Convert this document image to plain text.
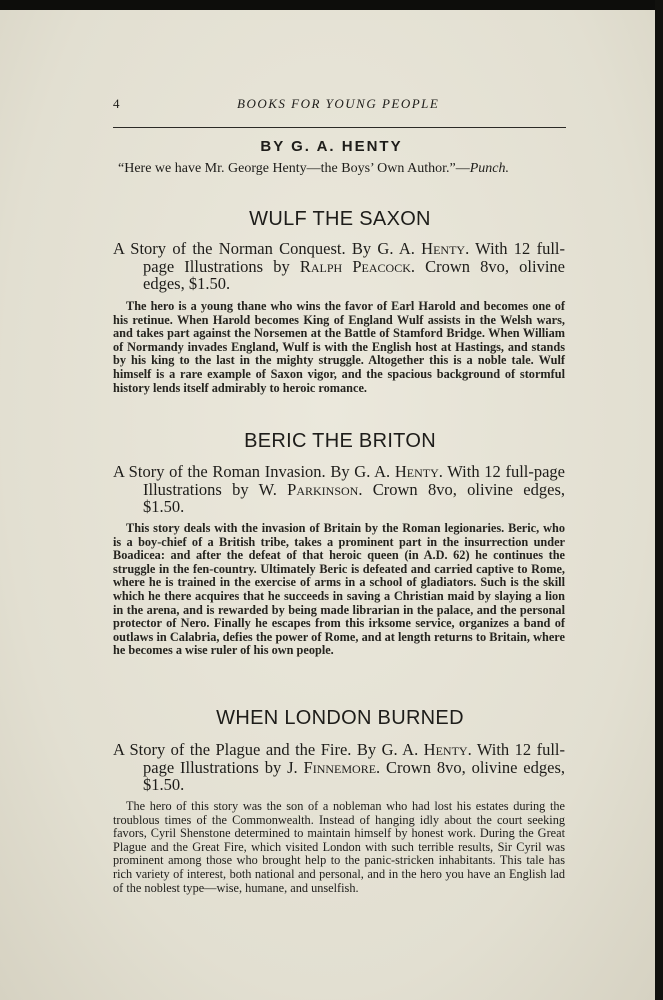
4	BOOKS FOR YOUNG PEOPLE
BY G. A. HENTY
“Here we have Mr. George Henty—the Boys’ Own Author.”—Punch.
WULF THE SAXON
A Story of the Norman Conquest. By G. A. Henty. With 12 full-page Illustrations by Ralph Peacock. Crown 8vo, olivine edges, $1.50.
The hero is a young thane who wins the favor of Earl Harold and becomes one of his retinue. When Harold becomes King of England Wulf assists in the Welsh wars, and takes part against the Norsemen at the Battle of Stamford Bridge. When William of Normandy invades England, Wulf is with the English host at Hastings, and stands by his king to the last in the mighty struggle. Altogether this is a noble tale. Wulf himself is a rare example of Saxon vigor, and the spacious background of stormful history lends itself admirably to heroic romance.
BERIC THE BRITON
A Story of the Roman Invasion. By G. A. Henty. With 12 full-page Illustrations by W. Parkinson. Crown 8vo, olivine edges, $1.50.
This story deals with the invasion of Britain by the Roman legionaries. Beric, who is a boy-chief of a British tribe, takes a prominent part in the insurrection under Boadicea: and after the defeat of that heroic queen (in A.D. 62) he continues the struggle in the fen-country. Ultimately Beric is defeated and carried captive to Rome, where he is trained in the exercise of arms in a school of gladiators. Such is the skill which he there acquires that he succeeds in saving a Christian maid by slaying a lion in the arena, and is rewarded by being made librarian in the palace, and the personal protector of Nero. Finally he escapes from this irksome service, organizes a band of outlaws in Calabria, defies the power of Rome, and at length returns to Britain, where he becomes a wise ruler of his own people.
WHEN LONDON BURNED
A Story of the Plague and the Fire. By G. A. Henty. With 12 full-page Illustrations by J. Finnemore. Crown 8vo, olivine edges, $1.50.
The hero of this story was the son of a nobleman who had lost his estates during the troublous times of the Commonwealth. Instead of hanging idly about the court seeking favors, Cyril Shenstone determined to maintain himself by honest work. During the Great Plague and the Great Fire, which visited London with such terrible results, Sir Cyril was prominent among those who brought help to the panic-stricken inhabitants. This tale has rich variety of interest, both national and personal, and in the hero you have an English lad of the noblest type—wise, humane, and unselfish.
